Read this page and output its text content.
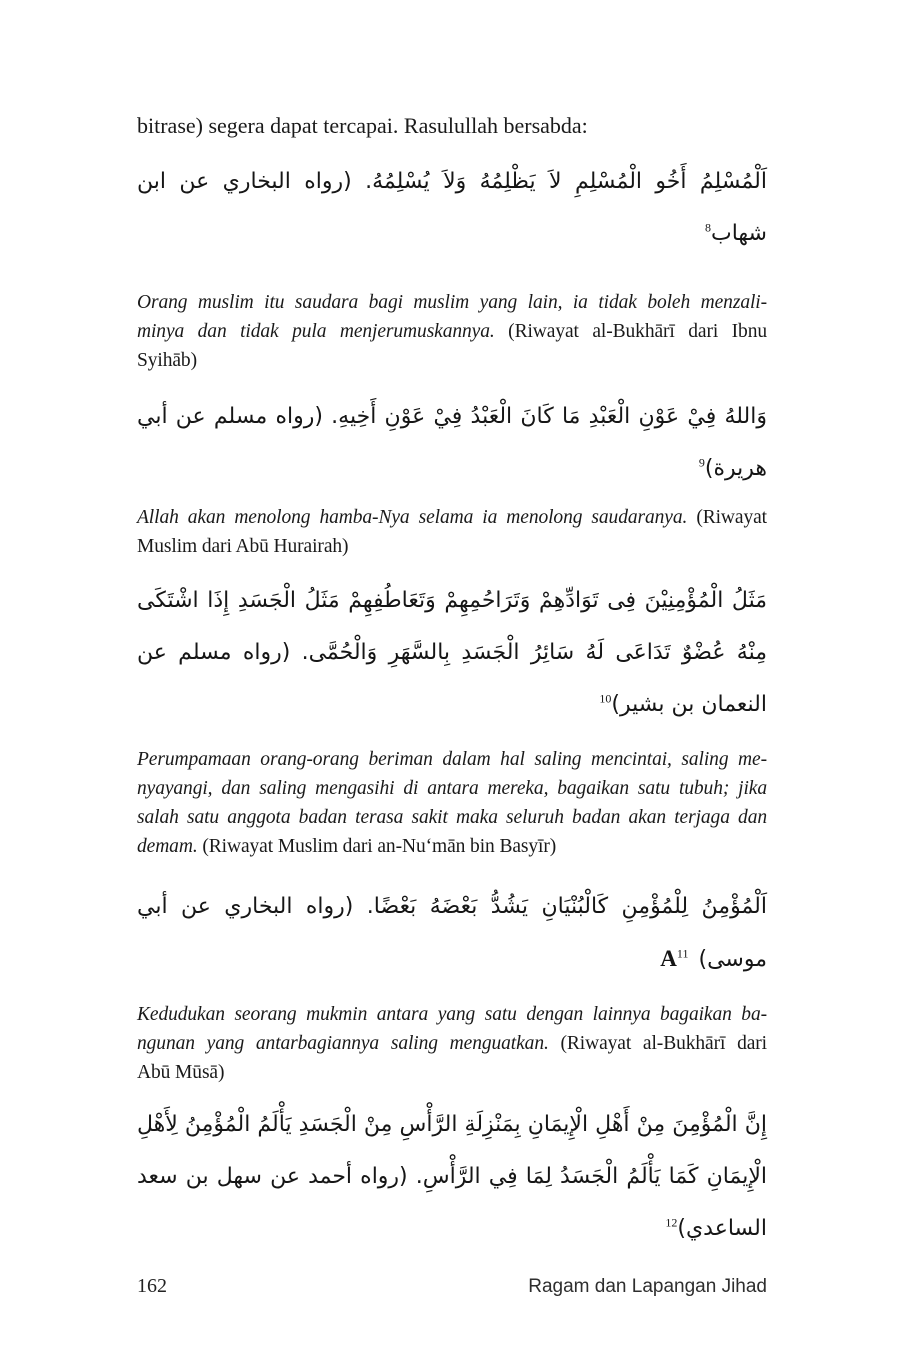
bitrase) segera dapat tercapai. Rasulullah bersabda:

اَلْمُسْلِمُ أَخُو الْمُسْلِمِ لاَ يَظْلِمُهُ وَلاَ يُسْلِمُهُ. (رواه البخاري عن ابن شهاب$^8$
Orang muslim itu saudara bagi muslim yang lain, ia tidak boleh menzali-
minya dan tidak pula menjerumuskannya. (Riwayat al-Bukhārī dari Ibnu
Syihāb)
وَاللهُ فِيْ عَوْنِ الْعَبْدِ مَا كَانَ الْعَبْدُ فِيْ عَوْنِ أَخِيهِ. (رواه مسلم عن أبي
هريرة)$^9$
Allah akan menolong hamba-Nya selama ia menolong saudaranya. (Riwayat
Muslim dari Abū Hurairah)
مَثَلُ الْمُؤْمِنِيْنَ فِى تَوَادِّهِمْ وَتَرَاحُمِهِمْ وَتَعَاطُفِهِمْ مَثَلُ الْجَسَدِ إِذَا اشْتَكَى
مِنْهُ عُضْوٌ تَدَاعَى لَهُ سَائِرُ الْجَسَدِ بِالسَّهَرِ وَالْحُمَّى. (رواه مسلم عن
النعمان بن بشير)$^{10}$
Perumpamaan orang-orang beriman dalam hal saling mencintai, saling me-
nyayangi, dan saling mengasihi di antara mereka, bagaikan satu tubuh; jika
salah satu anggota badan terasa sakit maka seluruh badan akan terjaga dan
demam. (Riwayat Muslim dari an-Nu‘mān bin Basyīr)
اَلْمُؤْمِنُ لِلْمُؤْمِنِ كَالْبُنْيَانِ يَشُدُّ بَعْضَهُ بَعْضًا. (رواه البخاري عن أبي
موسى)A$^{11}$
Kedudukan seorang mukmin antara yang satu dengan lainnya bagaikan ba-
ngunan yang antarbagiannya saling menguatkan. (Riwayat al-Bukhārī dari
Abū Mūsā)
إِنَّ الْمُؤْمِنَ مِنْ أَهْلِ الْإِيمَانِ بِمَنْزِلَةِ الرَّأْسِ مِنْ الْجَسَدِ يَأْلَمُ الْمُؤْمِنُ لِأَهْلِ
الْإِيمَانِ كَمَا يَأْلَمُ الْجَسَدُ لِمَا فِي الرَّأْسِ. (رواه أحمد عن سهل بن سعد
الساعدي)$^{12}$
162	Ragam dan Lapangan Jihad
